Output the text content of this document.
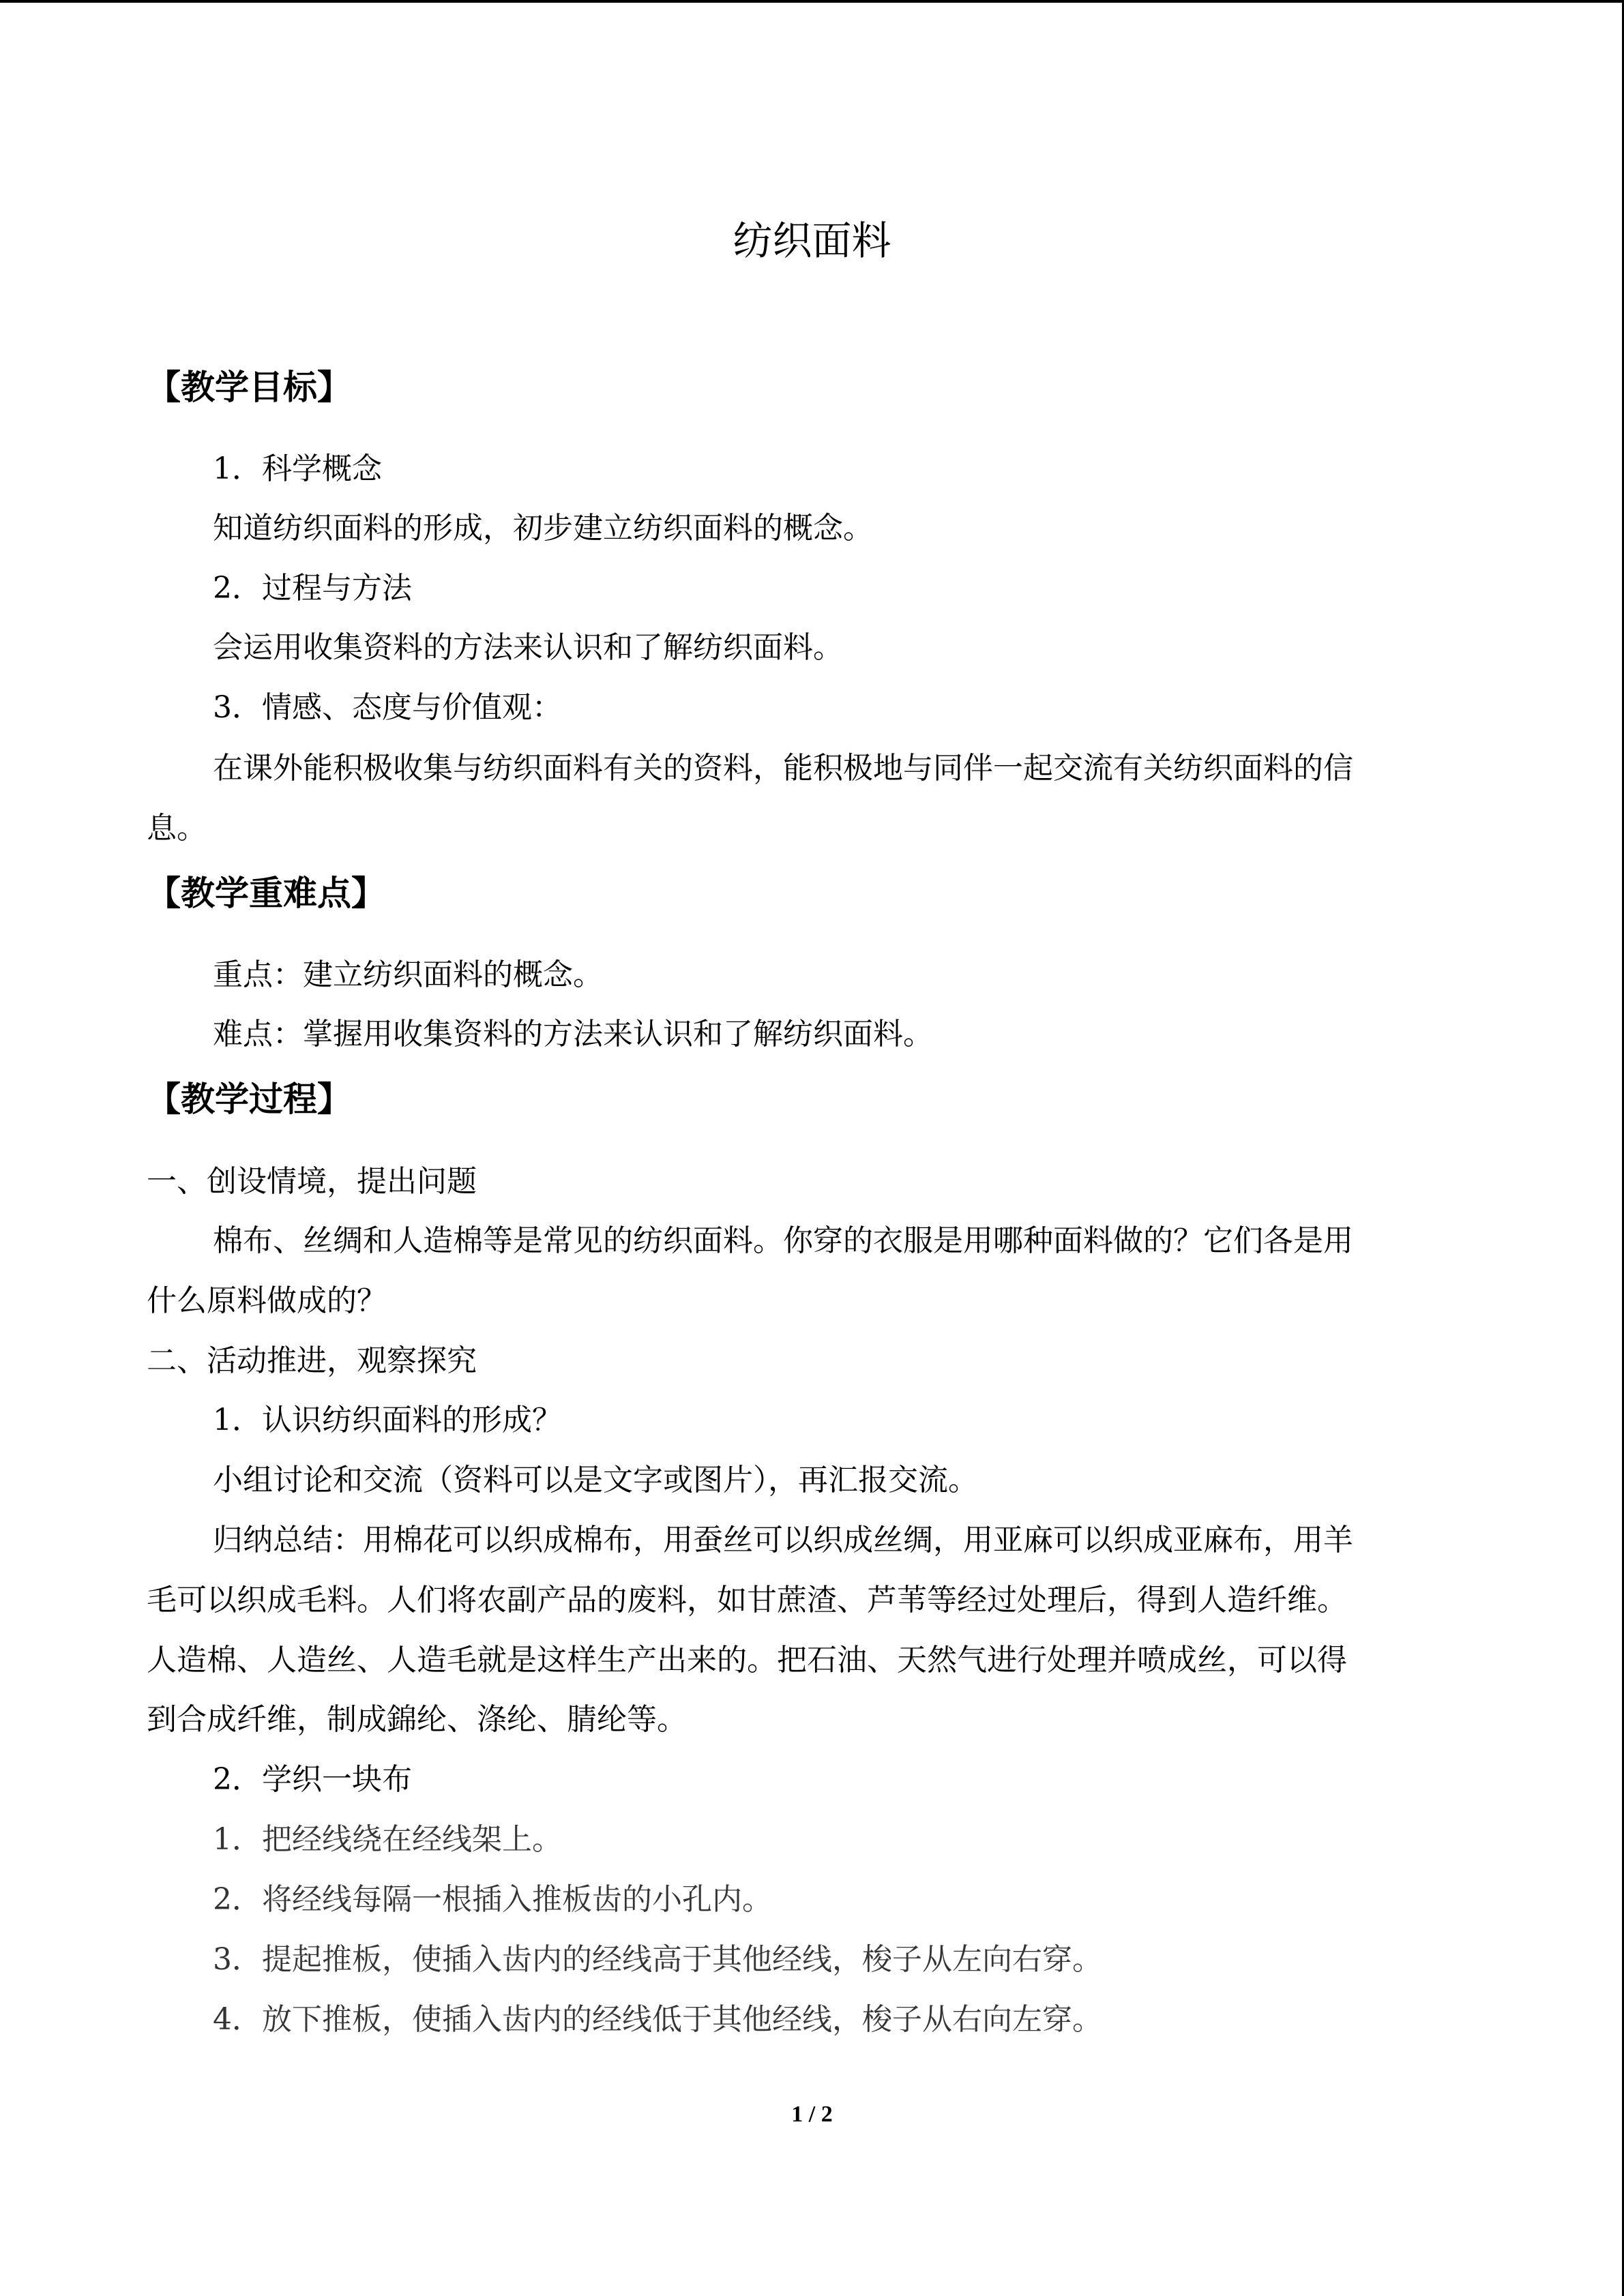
纺织面料
【教学目标】
1．科学概念
知道纺织面料的形成，初步建立纺织面料的概念。
2．过程与方法
会运用收集资料的方法来认识和了解纺织面料。
3．情感、态度与价值观：
在课外能积极收集与纺织面料有关的资料，能积极地与同伴一起交流有关纺织面料的信
息。
【教学重难点】
重点：建立纺织面料的概念。
难点：掌握用收集资料的方法来认识和了解纺织面料。
【教学过程】
一、创设情境，提出问题
棉布、丝绸和人造棉等是常见的纺织面料。你穿的衣服是用哪种面料做的？它们各是用
什么原料做成的？
二、活动推进，观察探究
1．认识纺织面料的形成？
小组讨论和交流（资料可以是文字或图片），再汇报交流。
归纳总结：用棉花可以织成棉布，用蚕丝可以织成丝绸，用亚麻可以织成亚麻布，用羊
毛可以织成毛料。人们将农副产品的废料，如甘蔗渣、芦苇等经过处理后，得到人造纤维。
人造棉、人造丝、人造毛就是这样生产出来的。把石油、天然气进行处理并喷成丝，可以得
到合成纤维，制成錦纶、涤纶、腈纶等。
2．学织一块布
1．把经线绕在经线架上。
2．将经线每隔一根插入推板齿的小孔内。
3．提起推板，使插入齿内的经线高于其他经线，梭子从左向右穿。
4．放下推板，使插入齿内的经线低于其他经线，梭子从右向左穿。
1 / 2
